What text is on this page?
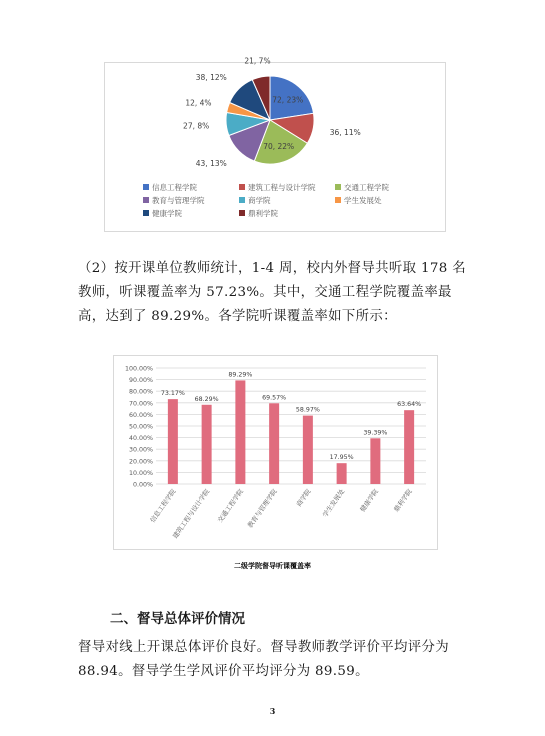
72, 23%
36, 11%
70, 22%
43, 13%
27, 8%
12, 4%
38, 12%
21, 7%
信息工程学院	建筑工程与设计学院	交通工程学院
教育与管理学院	商学院	学生发展处
健康学院	鼎利学院

（2）按开课单位教师统计，1-4 周，校内外督导共听取 178 名教师，听课覆盖率为 57.23%。其中，交通工程学院覆盖率最高，达到了 89.29%。各学院听课覆盖率如下所示：

0.00%
10.00%
20.00%
30.00%
40.00%
50.00%
60.00%
70.00%
80.00%
90.00%
100.00%
73.17%
信息工程学院
68.29%
建筑工程与设计学院
89.29%
交通工程学院
69.57%
教育与管理学院
58.97%
商学院
17.95%
学生发展处
39.39%
健康学院
63.64%
鼎利学院
二级学院督导听课覆盖率
二、督导总体评价情况

督导对线上开课总体评价良好。督导教师教学评价平均评分为 88.94。督导学生学风评价平均评分为 89.59。

3
